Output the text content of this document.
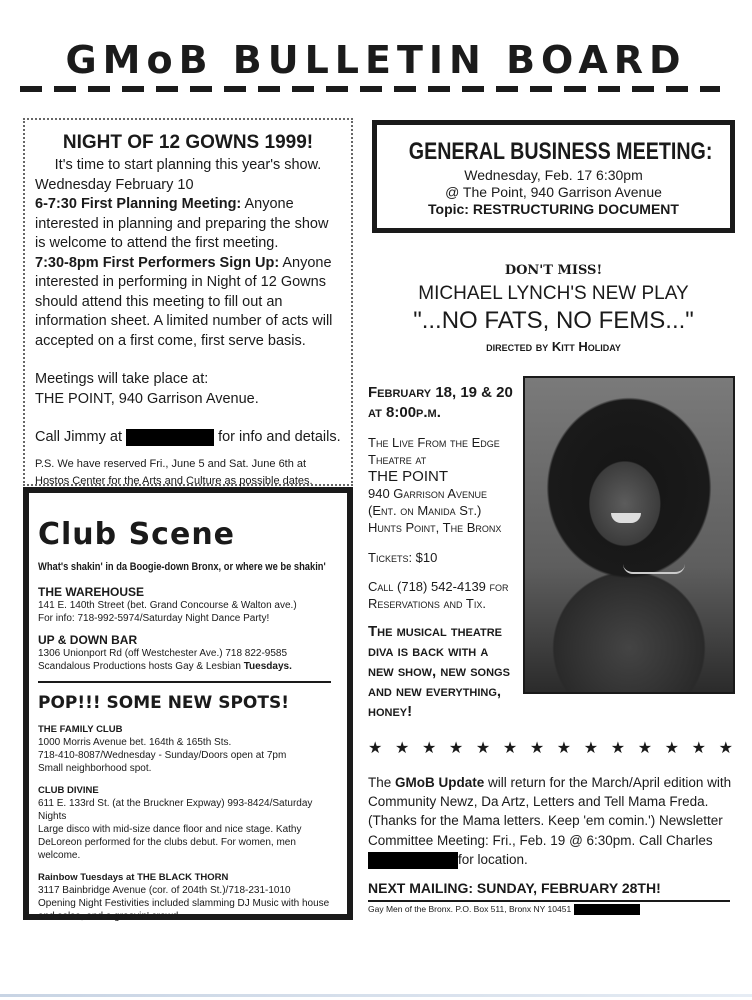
GMoB BULLETIN BOARD
NIGHT OF 12 GOWNS 1999!

It's time to start planning this year's show.

Wednesday February 10

6-7:30 First Planning Meeting: Anyone interested in planning and preparing the show is welcome to attend the first meeting.

7:30-8pm First Performers Sign Up: Anyone interested in performing in Night of 12 Gowns should attend this meeting to fill out an information sheet. A limited number of acts will accepted on a first come, first serve basis.

Meetings will take place at:

THE POINT, 940 Garrison Avenue.

Call Jimmy at	for info and details.

P.S. We have reserved Fri., June 5 and Sat. June 6th at Hostos Center for the Arts and Culture as possible dates.

Club Scene

What's shakin' in da Boogie-down Bronx, or where we be shakin'

THE WAREHOUSE

141 E. 140th Street (bet. Grand Concourse & Walton ave.)

For info: 718-992-5974/Saturday Night Dance Party!

UP & DOWN BAR

1306 Unionport Rd (off Westchester Ave.) 718 822-9585

Scandalous Productions hosts Gay & Lesbian Tuesdays.

POP!!! SOME NEW SPOTS!

THE FAMILY CLUB

1000 Morris Avenue bet. 164th & 165th Sts.

718-410-8087/Wednesday - Sunday/Doors open at 7pm

Small neighborhood spot.

CLUB DIVINE

611 E. 133rd St. (at the Bruckner Expway) 993-8424/Saturday Nights

Large disco with mid-size dance floor and nice stage. Kathy

DeLoreon performed for the clubs debut. For women, men welcome.

Rainbow Tuesdays at THE BLACK THORN

3117 Bainbridge Avenue (cor. of 204th St.)/718-231-1010

Opening Night Festivities included slamming DJ Music with house

and salsa, and a groovin' crowd.

GENERAL BUSINESS MEETING:

Wednesday, Feb. 17 6:30pm

@ The Point, 940 Garrison Avenue

Topic: RESTRUCTURING DOCUMENT

DON'T MISS!

MICHAEL LYNCH'S NEW PLAY

"...NO FATS, NO FEMS..."

directed by Kitt Holiday

February 18, 19 & 20

at 8:00p.m.

The Live From the Edge

Theatre at

THE POINT

940 Garrison Avenue

(Ent. on Manida St.)

Hunts Point, The Bronx

Tickets: $10

Call (718) 542-4139 for

Reservations and Tix.

The musical theatre diva is back with a new show, new songs and new everything, honey!

★ ★ ★ ★ ★ ★ ★ ★ ★ ★ ★ ★ ★ ★

The GMoB Update will return for the March/April edition with Community Newz, Da Artz, Letters and Tell Mama Freda. (Thanks for the Mama letters. Keep 'em comin.') Newsletter Committee Meeting: Fri., Feb. 19 @ 6:30pm. Call Charles for location.

NEXT MAILING: SUNDAY, FEBRUARY 28TH!
Gay Men of the Bronx. P.O. Box 511, Bronx NY 10451
